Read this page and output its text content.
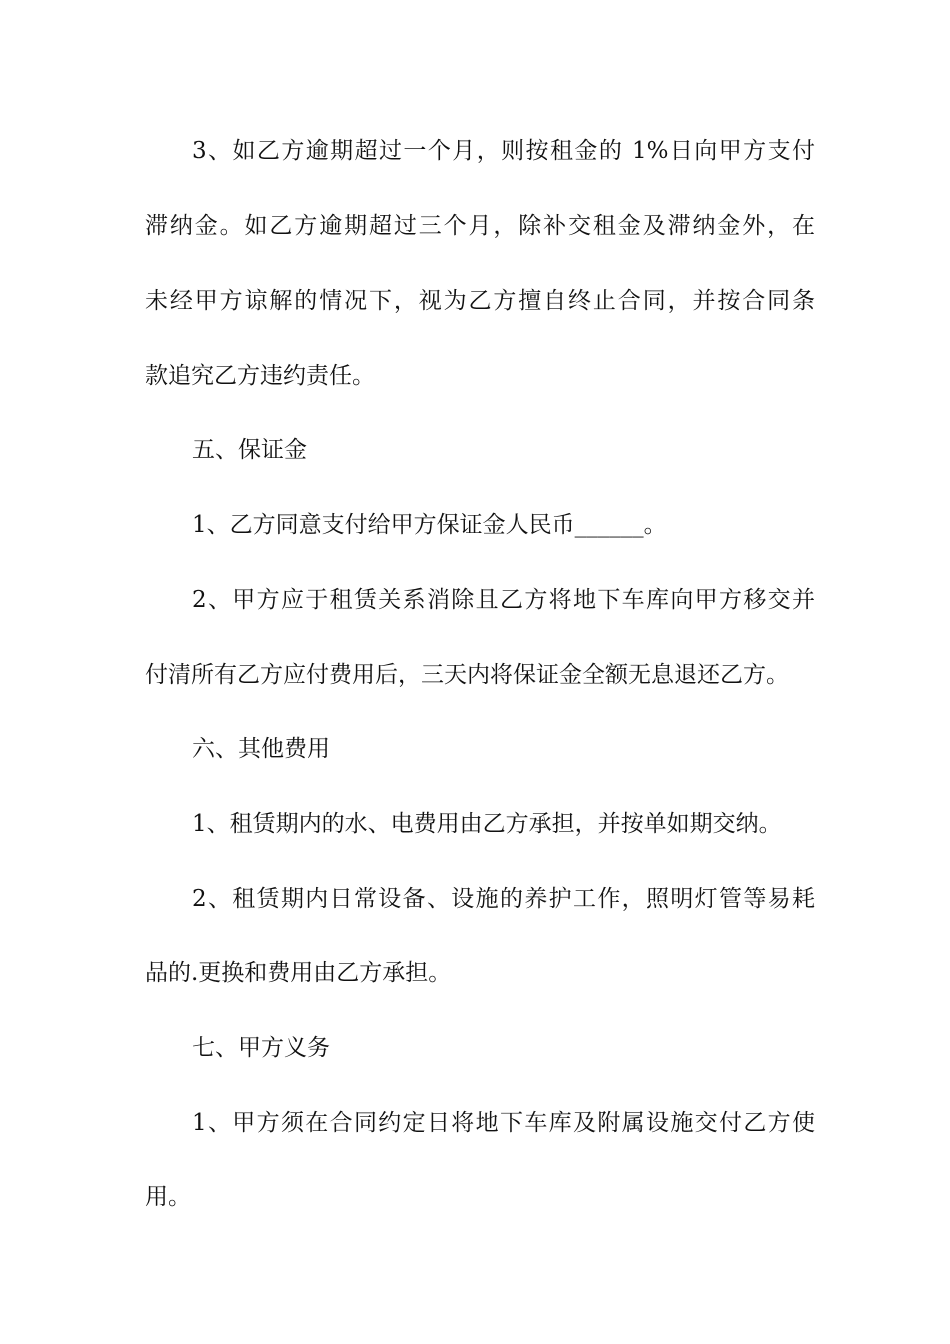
3、如乙方逾期超过一个月，则按租金的 1%日向甲方支付
滞纳金。如乙方逾期超过三个月，除补交租金及滞纳金外，在
未经甲方谅解的情况下，视为乙方擅自终止合同，并按合同条
款追究乙方违约责任。
五、保证金
1、乙方同意支付给甲方保证金人民币______。
2、甲方应于租赁关系消除且乙方将地下车库向甲方移交并
付清所有乙方应付费用后，三天内将保证金全额无息退还乙方。
六、其他费用
1、租赁期内的水、电费用由乙方承担，并按单如期交纳。
2、租赁期内日常设备、设施的养护工作，照明灯管等易耗
品的.更换和费用由乙方承担。
七、甲方义务
1、甲方须在合同约定日将地下车库及附属设施交付乙方使
用。
